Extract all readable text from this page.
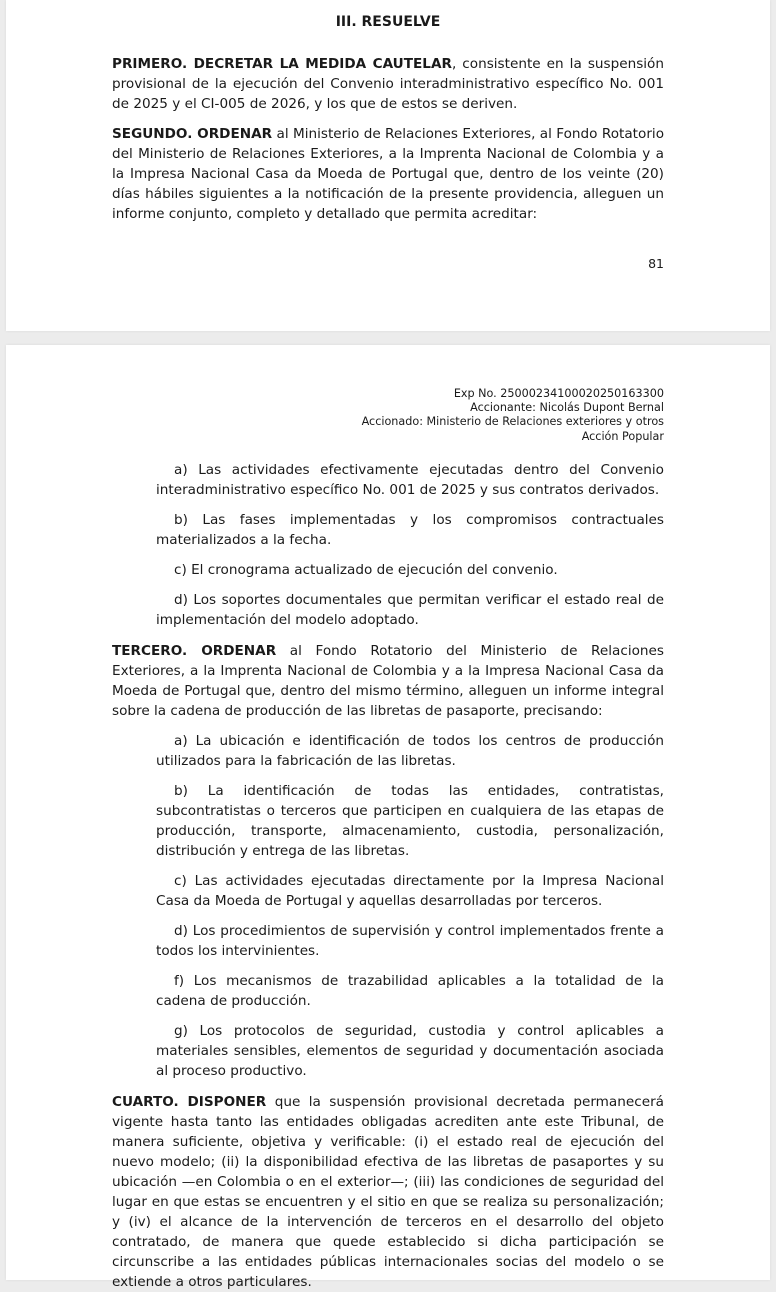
III. RESUELVE
PRIMERO. DECRETAR LA MEDIDA CAUTELAR, consistente en la suspensión provisional de la ejecución del Convenio interadministrativo específico No. 001 de 2025 y el CI-005 de 2026, y los que de estos se deriven.
SEGUNDO. ORDENAR al Ministerio de Relaciones Exteriores, al Fondo Rotatorio del Ministerio de Relaciones Exteriores, a la Imprenta Nacional de Colombia y a la Impresa Nacional Casa da Moeda de Portugal que, dentro de los veinte (20) días hábiles siguientes a la notificación de la presente providencia, alleguen un informe conjunto, completo y detallado que permita acreditar:
81
Exp No. 25000234100020250163300
Accionante: Nicolás Dupont Bernal
Accionado: Ministerio de Relaciones exteriores y otros
Acción Popular
a) Las actividades efectivamente ejecutadas dentro del Convenio interadministrativo específico No. 001 de 2025 y sus contratos derivados.
b) Las fases implementadas y los compromisos contractuales materializados a la fecha.
c) El cronograma actualizado de ejecución del convenio.
d) Los soportes documentales que permitan verificar el estado real de implementación del modelo adoptado.
TERCERO. ORDENAR al Fondo Rotatorio del Ministerio de Relaciones Exteriores, a la Imprenta Nacional de Colombia y a la Impresa Nacional Casa da Moeda de Portugal que, dentro del mismo término, alleguen un informe integral sobre la cadena de producción de las libretas de pasaporte, precisando:
a) La ubicación e identificación de todos los centros de producción utilizados para la fabricación de las libretas.
b) La identificación de todas las entidades, contratistas, subcontratistas o terceros que participen en cualquiera de las etapas de producción, transporte, almacenamiento, custodia, personalización, distribución y entrega de las libretas.
c) Las actividades ejecutadas directamente por la Impresa Nacional Casa da Moeda de Portugal y aquellas desarrolladas por terceros.
d) Los procedimientos de supervisión y control implementados frente a todos los intervinientes.
f) Los mecanismos de trazabilidad aplicables a la totalidad de la cadena de producción.
g) Los protocolos de seguridad, custodia y control aplicables a materiales sensibles, elementos de seguridad y documentación asociada al proceso productivo.
CUARTO. DISPONER que la suspensión provisional decretada permanecerá vigente hasta tanto las entidades obligadas acrediten ante este Tribunal, de manera suficiente, objetiva y verificable: (i) el estado real de ejecución del nuevo modelo; (ii) la disponibilidad efectiva de las libretas de pasaportes y su ubicación —en Colombia o en el exterior—; (iii) las condiciones de seguridad del lugar en que estas se encuentren y el sitio en que se realiza su personalización; y (iv) el alcance de la intervención de terceros en el desarrollo del objeto contratado, de manera que quede establecido si dicha participación se circunscribe a las entidades públicas internacionales socias del modelo o se extiende a otros particulares.
